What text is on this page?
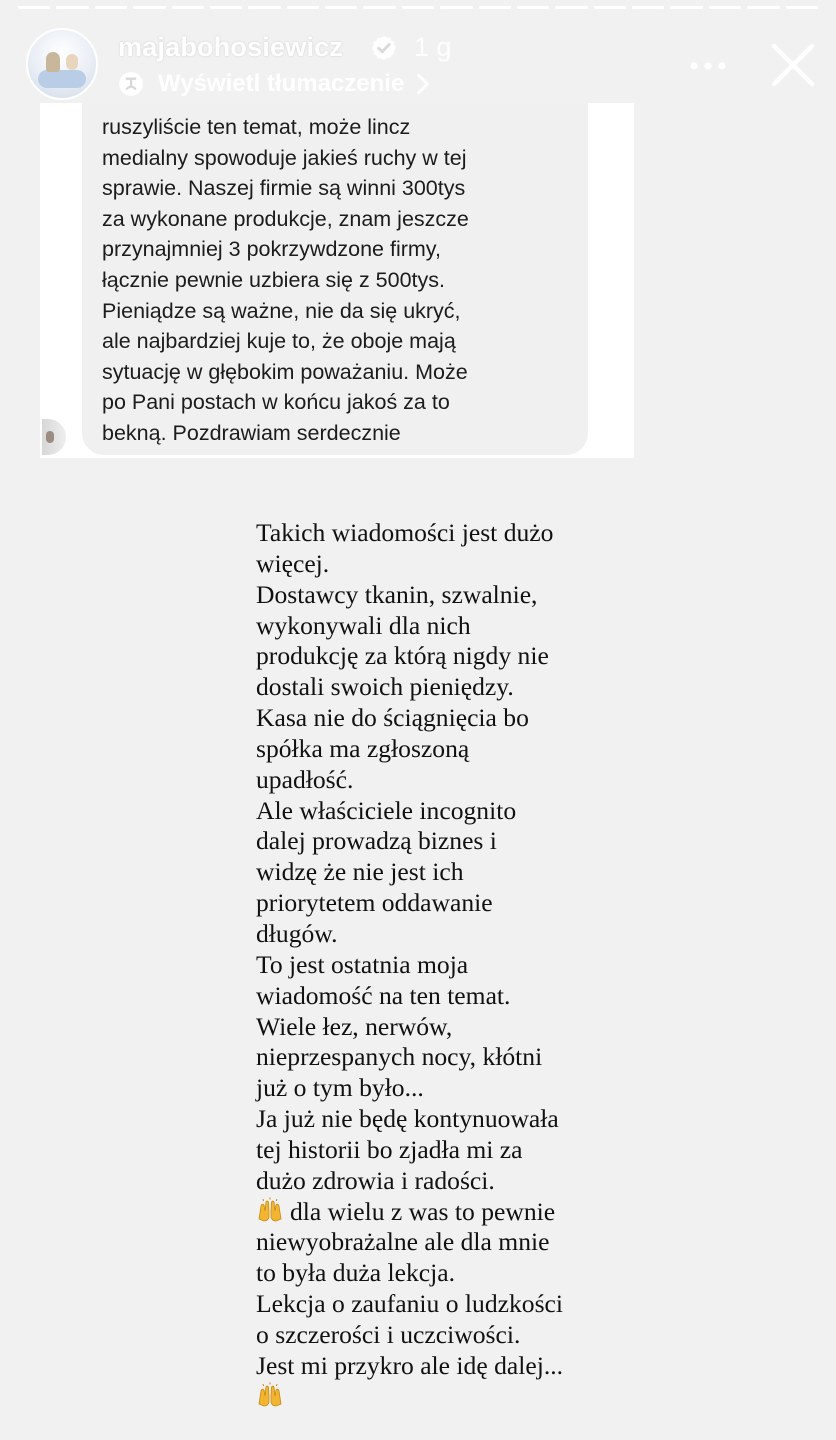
majabohosiewicz	1 g
Wyświetl tłumaczenie

ruszyliście ten temat, może lincz
medialny spowoduje jakieś ruchy w tej
sprawie. Naszej firmie są winni 300tys
za wykonane produkcje, znam jeszcze
przynajmniej 3 pokrzywdzone firmy,
łącznie pewnie uzbiera się z 500tys.
Pieniądze są ważne, nie da się ukryć,
ale najbardziej kuje to, że oboje mają
sytuację w głębokim poważaniu. Może
po Pani postach w końcu jakoś za to
bekną. Pozdrawiam serdecznie

Takich wiadomości jest dużo
więcej.
Dostawcy tkanin, szwalnie,
wykonywali dla nich
produkcję za którą nigdy nie
dostali swoich pieniędzy.
Kasa nie do ściągnięcia bo
spółka ma zgłoszoną
upadłość.
Ale właściciele incognito
dalej prowadzą biznes i
widzę że nie jest ich
priorytetem oddawanie
długów.
To jest ostatnia moja
wiadomość na ten temat.
Wiele łez, nerwów,
nieprzespanych nocy, kłótni
już o tym było...
Ja już nie będę kontynuowała
tej historii bo zjadła mi za
dużo zdrowia i radości.
dla wielu z was to pewnie
niewyobrażalne ale dla mnie
to była duża lekcja.
Lekcja o zaufaniu o ludzkości
o szczerości i uczciwości.
Jest mi przykro ale idę dalej...
